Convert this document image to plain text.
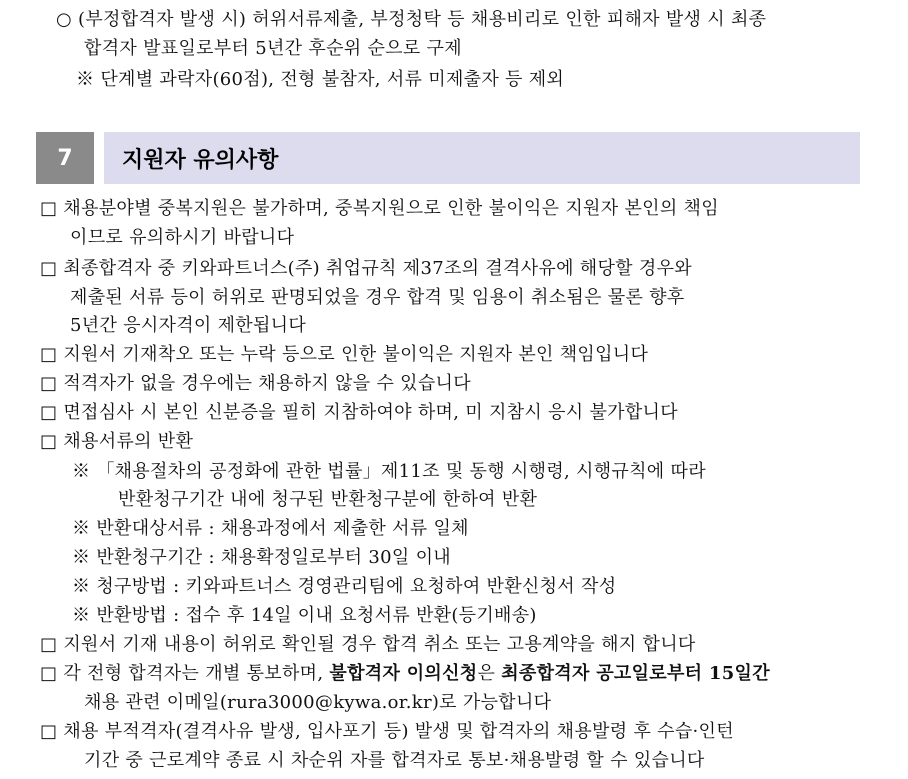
○ (부정합격자 발생 시) 허위서류제출, 부정청탁 등 채용비리로 인한 피해자 발생 시 최종
합격자 발표일로부터 5년간 후순위 순으로 구제
※ 단계별 과락자(60점), 전형 불참자, 서류 미제출자 등 제외
7	지원자 유의사항
□ 채용분야별 중복지원은 불가하며, 중복지원으로 인한 불이익은 지원자 본인의 책임
이므로 유의하시기 바랍니다
□ 최종합격자 중 키와파트너스(주) 취업규칙 제37조의 결격사유에 해당할 경우와
제출된 서류 등이 허위로 판명되었을 경우 합격 및 임용이 취소됨은 물론 향후
5년간 응시자격이 제한됩니다
□ 지원서 기재착오 또는 누락 등으로 인한 불이익은 지원자 본인 책임입니다
□ 적격자가 없을 경우에는 채용하지 않을 수 있습니다
□ 면접심사 시 본인 신분증을 필히 지참하여야 하며, 미 지참시 응시 불가합니다
□ 채용서류의 반환
※ 「채용절차의 공정화에 관한 법률」제11조 및 동행 시행령, 시행규칙에 따라
반환청구기간 내에 청구된 반환청구분에 한하여 반환
※ 반환대상서류 : 채용과정에서 제출한 서류 일체
※ 반환청구기간 : 채용확정일로부터 30일 이내
※ 청구방법 : 키와파트너스 경영관리팀에 요청하여 반환신청서 작성
※ 반환방법 : 접수 후 14일 이내 요청서류 반환(등기배송)
□ 지원서 기재 내용이 허위로 확인될 경우 합격 취소 또는 고용계약을 해지 합니다
□ 각 전형 합격자는 개별 통보하며, 불합격자 이의신청은 최종합격자 공고일로부터 15일간
채용 관련 이메일(rura3000@kywa.or.kr)로 가능합니다
□ 채용 부적격자(결격사유 발생, 입사포기 등) 발생 및 합격자의 채용발령 후 수습·인턴
기간 중 근로계약 종료 시 차순위 자를 합격자로 통보·채용발령 할 수 있습니다
